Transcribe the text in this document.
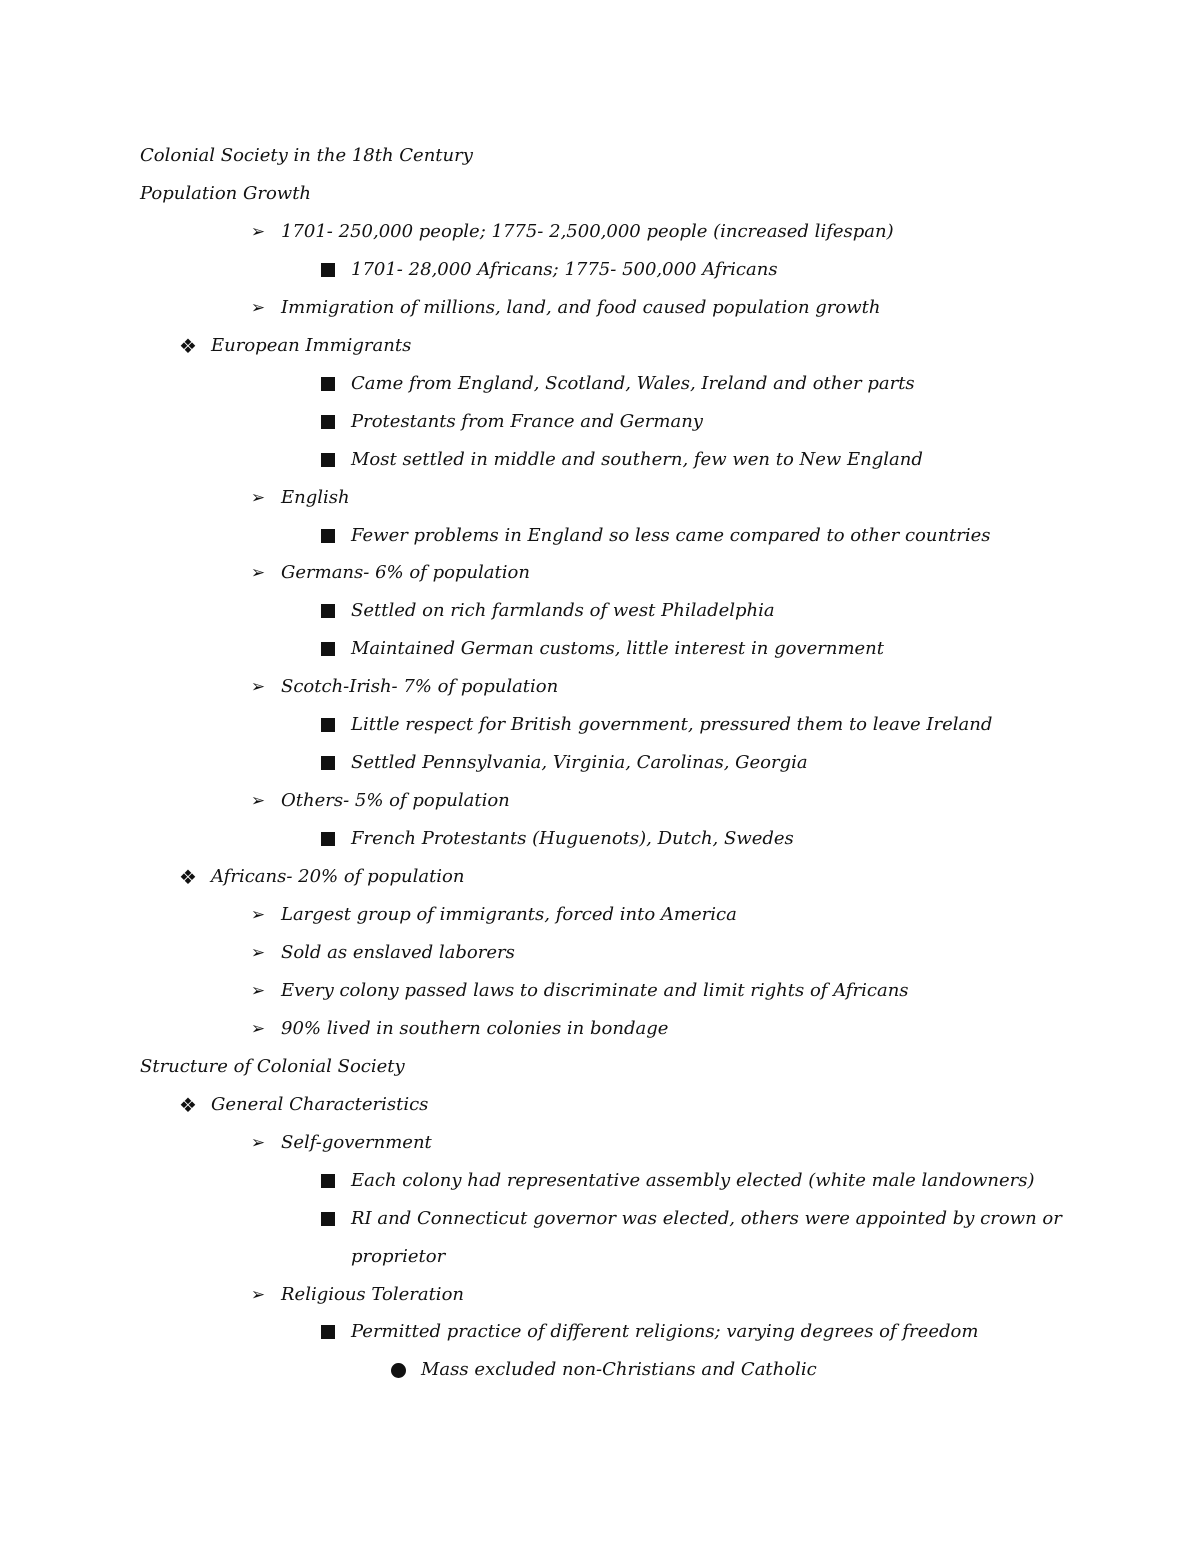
Colonial Society in the 18th Century
Population Growth
➢ 1701- 250,000 people; 1775- 2,500,000 people (increased lifespan)
1701- 28,000 Africans; 1775- 500,000 Africans
➢ Immigration of millions, land, and food caused population growth
❖ European Immigrants
Came from England, Scotland, Wales, Ireland and other parts
Protestants from France and Germany
Most settled in middle and southern, few wen to New England
➢ English
Fewer problems in England so less came compared to other countries
➢ Germans- 6% of population
Settled on rich farmlands of west Philadelphia
Maintained German customs, little interest in government
➢ Scotch-Irish- 7% of population
Little respect for British government, pressured them to leave Ireland
Settled Pennsylvania, Virginia, Carolinas, Georgia
➢ Others- 5% of population
French Protestants (Huguenots), Dutch, Swedes
❖ Africans- 20% of population
➢ Largest group of immigrants, forced into America
➢ Sold as enslaved laborers
➢ Every colony passed laws to discriminate and limit rights of Africans
➢ 90% lived in southern colonies in bondage
Structure of Colonial Society
❖ General Characteristics
➢ Self-government
Each colony had representative assembly elected (white male landowners)
RI and Connecticut governor was elected, others were appointed by crown or
proprietor
➢ Religious Toleration
Permitted practice of different religions; varying degrees of freedom
Mass excluded non-Christians and Catholic
